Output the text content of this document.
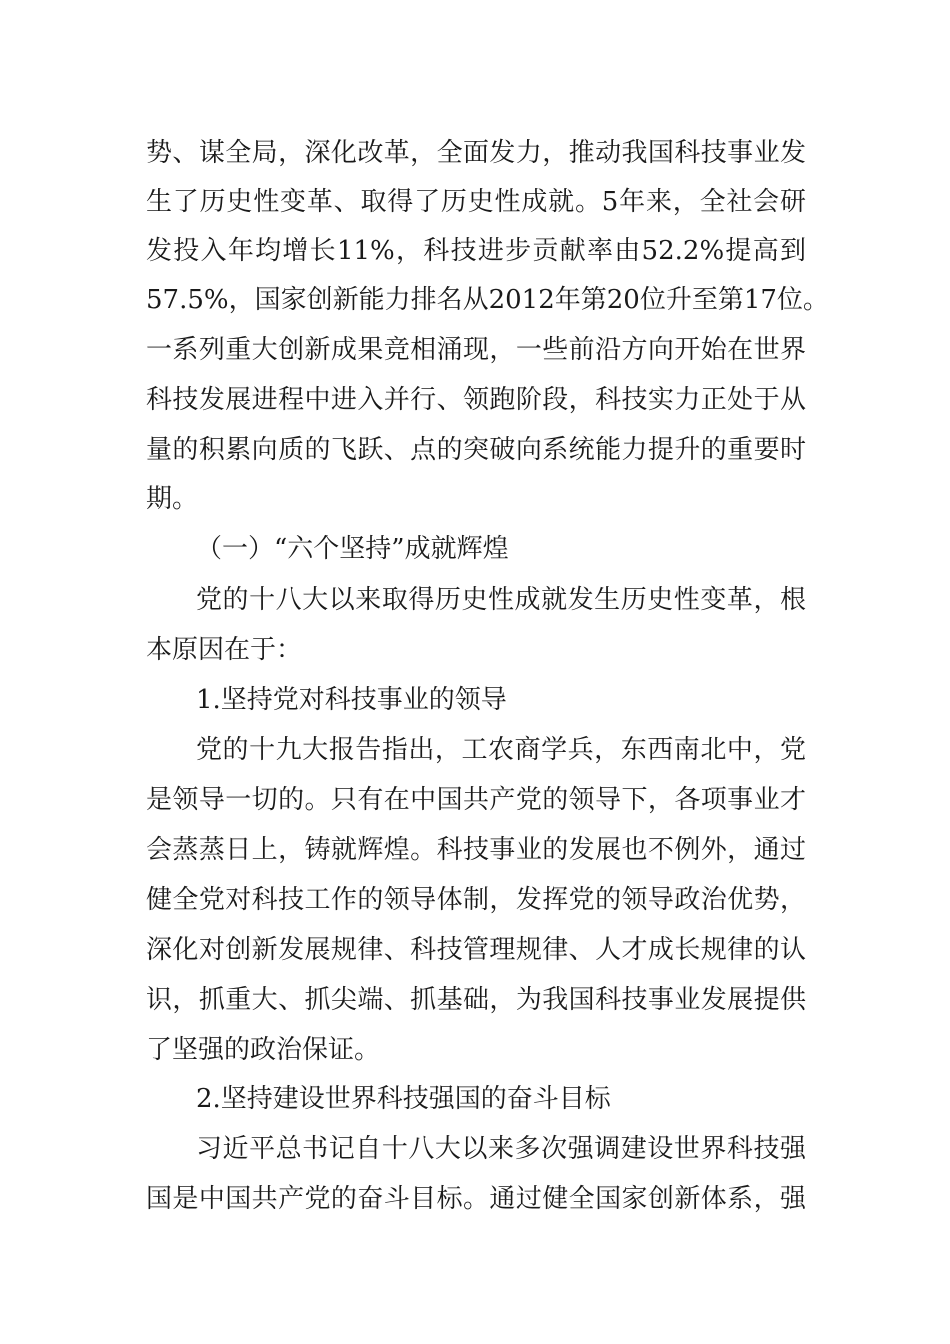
势、谋全局，深化改革，全面发力，推动我国科技事业发
生了历史性变革、取得了历史性成就。5年来，全社会研
发投入年均增长11%，科技进步贡献率由52.2%提高到
57.5%，国家创新能力排名从2012年第20位升至第17位。
一系列重大创新成果竞相涌现，一些前沿方向开始在世界
科技发展进程中进入并行、领跑阶段，科技实力正处于从
量的积累向质的飞跃、点的突破向系统能力提升的重要时
期。
（一）“六个坚持”成就辉煌
党的十八大以来取得历史性成就发生历史性变革，根
本原因在于：
1.坚持党对科技事业的领导
党的十九大报告指出，工农商学兵，东西南北中，党
是领导一切的。只有在中国共产党的领导下，各项事业才
会蒸蒸日上，铸就辉煌。科技事业的发展也不例外，通过
健全党对科技工作的领导体制，发挥党的领导政治优势，
深化对创新发展规律、科技管理规律、人才成长规律的认
识，抓重大、抓尖端、抓基础，为我国科技事业发展提供
了坚强的政治保证。
2.坚持建设世界科技强国的奋斗目标
习近平总书记自十八大以来多次强调建设世界科技强
国是中国共产党的奋斗目标。通过健全国家创新体系，强
